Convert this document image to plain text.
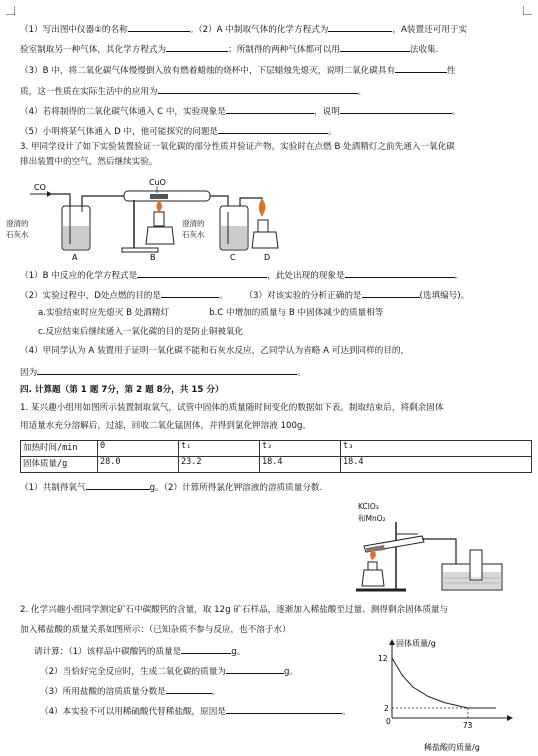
（1）写出图中仪器①的名称	。（2）A 中制取气体的化学方程式为	，A装置还可用于实
验室制取另一种气体，其化学方程式为	；所制得的两种气体都可以用	法收集.
（3）B 中，将二氧化碳气体慢慢倒入放有燃着蜡烛的烧杯中，下层蜡烛先熄灭，说明二氧化碳具有	性
质，这一性质在实际生活中的应用为	。
（4）若将制得的二氧化碳气体通入 C 中，实验现象是	，说明	。
（5）小明将某气体通入 D 中，他可能探究的问题是	。
3. 甲同学设计了如下实验装置验证一氧化碳的部分性质并验证产物。实验时在点燃 B 处酒精灯之前先通入一氧化碳
排出装置中的空气，然后继续实验。
CO
CuO
A	B	C	D
澄清的
石灰水
澄清的
石灰水
（1）B 中反应的化学方程式是	，此处出现的现象是	。
（2）实验过程中，D处点燃的目的是	。 （3）对该实验的分析正确的是	(选填编号)。
a.实验结束时应先熄灭 B 处酒精灯	b.C 中增加的质量与 B 中固体减少的质量相等
c.反应结束后继续通入一氧化碳的目的是防止铜被氧化
（4）甲同学认为 A 装置用于证明一氧化碳不能和石灰水反应，乙同学认为省略 A 可达到同样的目的，
因为	。
四. 计算题（第 1 题 7分，第 2 题 8分，共 15 分）
1. 某兴趣小组用如图所示装置制取氧气，试管中固体的质量随时间变化的数据如下表。制取结束后，将剩余固体
用适量水充分溶解后，过滤，回收二氧化锰固体，并得到氯化钾溶液 100g。
加热时间/min	0	t₁	t₂	t₃
固体质量/g	28.0	23.2	18.4	18.4
（1）共制得氧气	g。（2）计算所得氯化钾溶液的溶质质量分数.
KClO₃
和MnO₂
2. 化学兴趣小组同学测定矿石中碳酸钙的含量，取 12g 矿石样品，逐渐加入稀盐酸至过量、测得剩余固体质量与
加入稀盐酸的质量关系如图所示：（已知杂质不参与反应，也不溶于水）
请计算：（1）该样品中碳酸钙的质量是	g。
（2）当恰好完全反应时，生成二氧化碳的质量为	g。
（3）所用盐酸的溶质质量分数是	。
（4）本实验不可以用稀硫酸代替稀盐酸，原因是	。
固体质量/g
稀盐酸的质量/g
0
12
2
73
